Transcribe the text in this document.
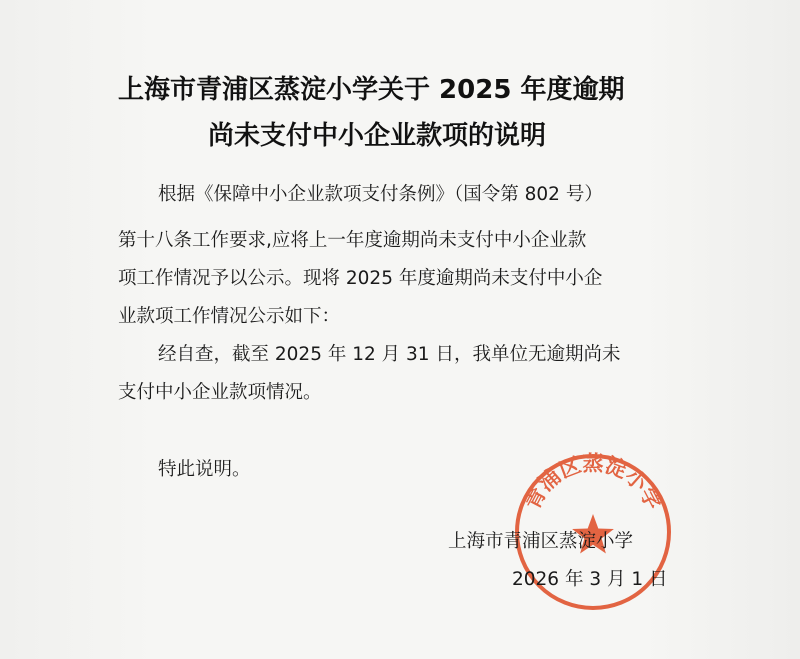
上海市青浦区蒸淀小学关于 2025 年度逾期
尚未支付中小企业款项的说明
根据《保障中小企业款项支付条例》（国令第 802 号）
第十八条工作要求,应将上一年度逾期尚未支付中小企业款
项工作情况予以公示。现将 2025 年度逾期尚未支付中小企
业款项工作情况公示如下：
经自查，截至 2025 年 12 月 31 日，我单位无逾期尚未
支付中小企业款项情况。
特此说明。
青浦区蒸淀小学
上海市青浦区蒸淀小学
2026 年 3 月 1 日
